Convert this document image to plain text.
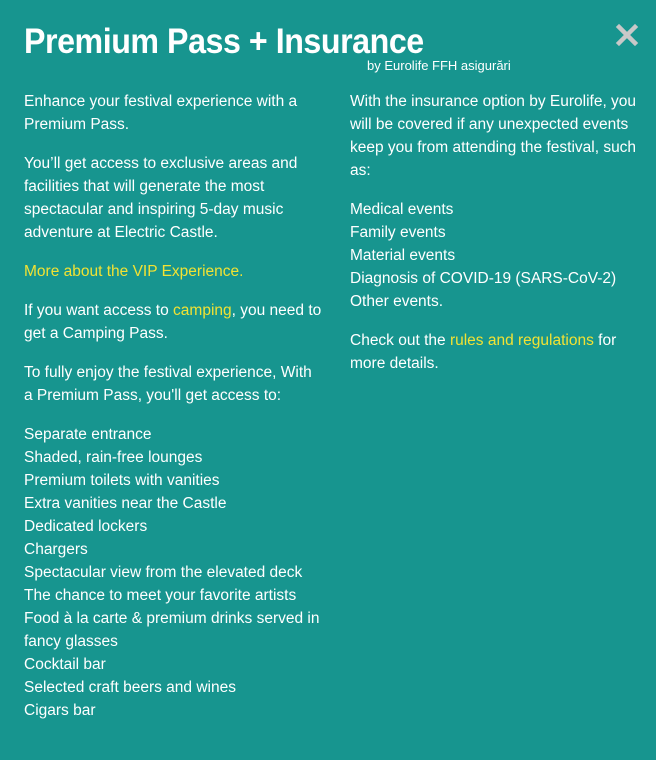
Premium Pass + Insurance
by Eurolife FFH asigurări

Enhance your festival experience with a Premium Pass.

You’ll get access to exclusive areas and facilities that will generate the most spectacular and inspiring 5-day music adventure at Electric Castle.

More about the VIP Experience.

If you want access to camping, you need to get a Camping Pass.

To fully enjoy the festival experience, With a Premium Pass, you'll get access to:

Separate entrance
Shaded, rain-free lounges
Premium toilets with vanities
Extra vanities near the Castle
Dedicated lockers
Chargers
Spectacular view from the elevated deck
The chance to meet your favorite artists
Food à la carte & premium drinks served in fancy glasses
Cocktail bar
Selected craft beers and wines
Cigars bar

With the insurance option by Eurolife, you will be covered if any unexpected events keep you from attending the festival, such as:

Medical events
Family events
Material events
Diagnosis of COVID-19 (SARS-CoV-2)
Other events.

Check out the rules and regulations for more details.
